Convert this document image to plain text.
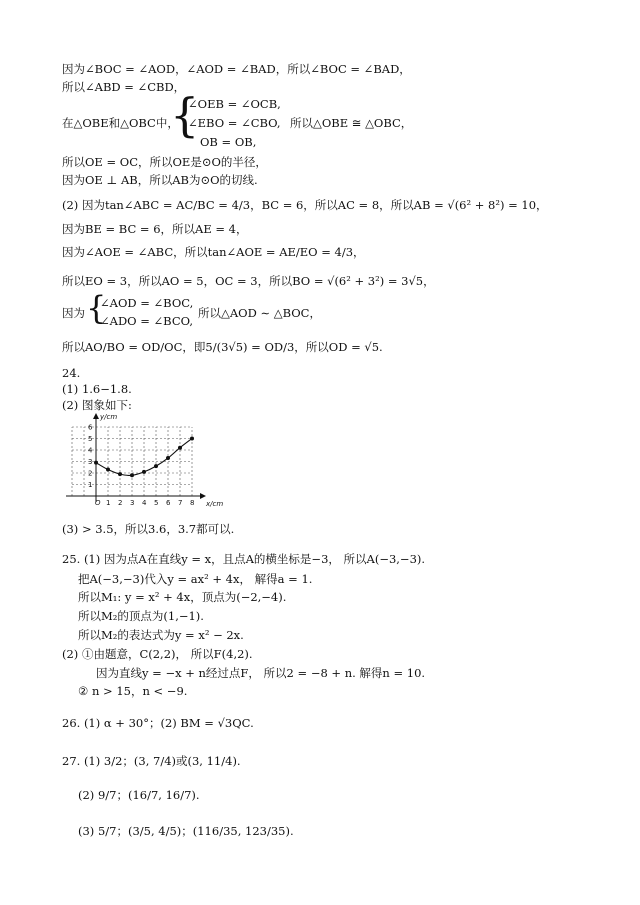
因为∠BOC = ∠AOD，∠AOD = ∠BAD，所以∠BOC = ∠BAD，
所以∠ABD = ∠CBD，
在△OBE和△OBC中，
{
∠OEB = ∠OCB,
∠EBO = ∠CBO,
OB = OB,
所以△OBE ≅ △OBC，
所以OE = OC，所以OE是⊙O的半径，
因为OE ⊥ AB，所以AB为⊙O的切线.
(2) 因为tan∠ABC = AC/BC = 4/3，BC = 6，所以AC = 8，所以AB = √(6² + 8²) = 10，
因为BE = BC = 6，所以AE = 4，
因为∠AOE = ∠ABC，所以tan∠AOE = AE/EO = 4/3，
所以EO = 3，所以AO = 5，OC = 3，所以BO = √(6² + 3²) = 3√5，
因为 {
∠AOD = ∠BOC,
∠ADO = ∠BCO,
所以△AOD ∼ △BOC，
所以AO/BO = OD/OC，即5/(3√5) = OD/3，所以OD = √5.
24.
(1) 1.6−1.8.
(2) 图象如下:
x/cm
y/cm
O 1 2 3 4 5 6 7 8
1
2
3
4
5
6
(3) > 3.5，所以3.6，3.7都可以.
25. (1) 因为点A在直线y = x，且点A的横坐标是−3， 所以A(−3,−3).
把A(−3,−3)代入y = ax² + 4x， 解得a = 1.
所以M₁: y = x² + 4x，顶点为(−2,−4).
所以M₂的顶点为(1,−1).
所以M₂的表达式为y = x² − 2x.
(2) ①由题意，C(2,2)， 所以F(4,2).
因为直线y = −x + n经过点F， 所以2 = −8 + n. 解得n = 10.
② n > 15，n < −9.
26. (1) α + 30°；(2) BM = √3QC.
27. (1) 3/2；(3, 7/4)或(3, 11/4).
(2) 9/7；(16/7, 16/7).
(3) 5/7；(3/5, 4/5)；(116/35, 123/35).
